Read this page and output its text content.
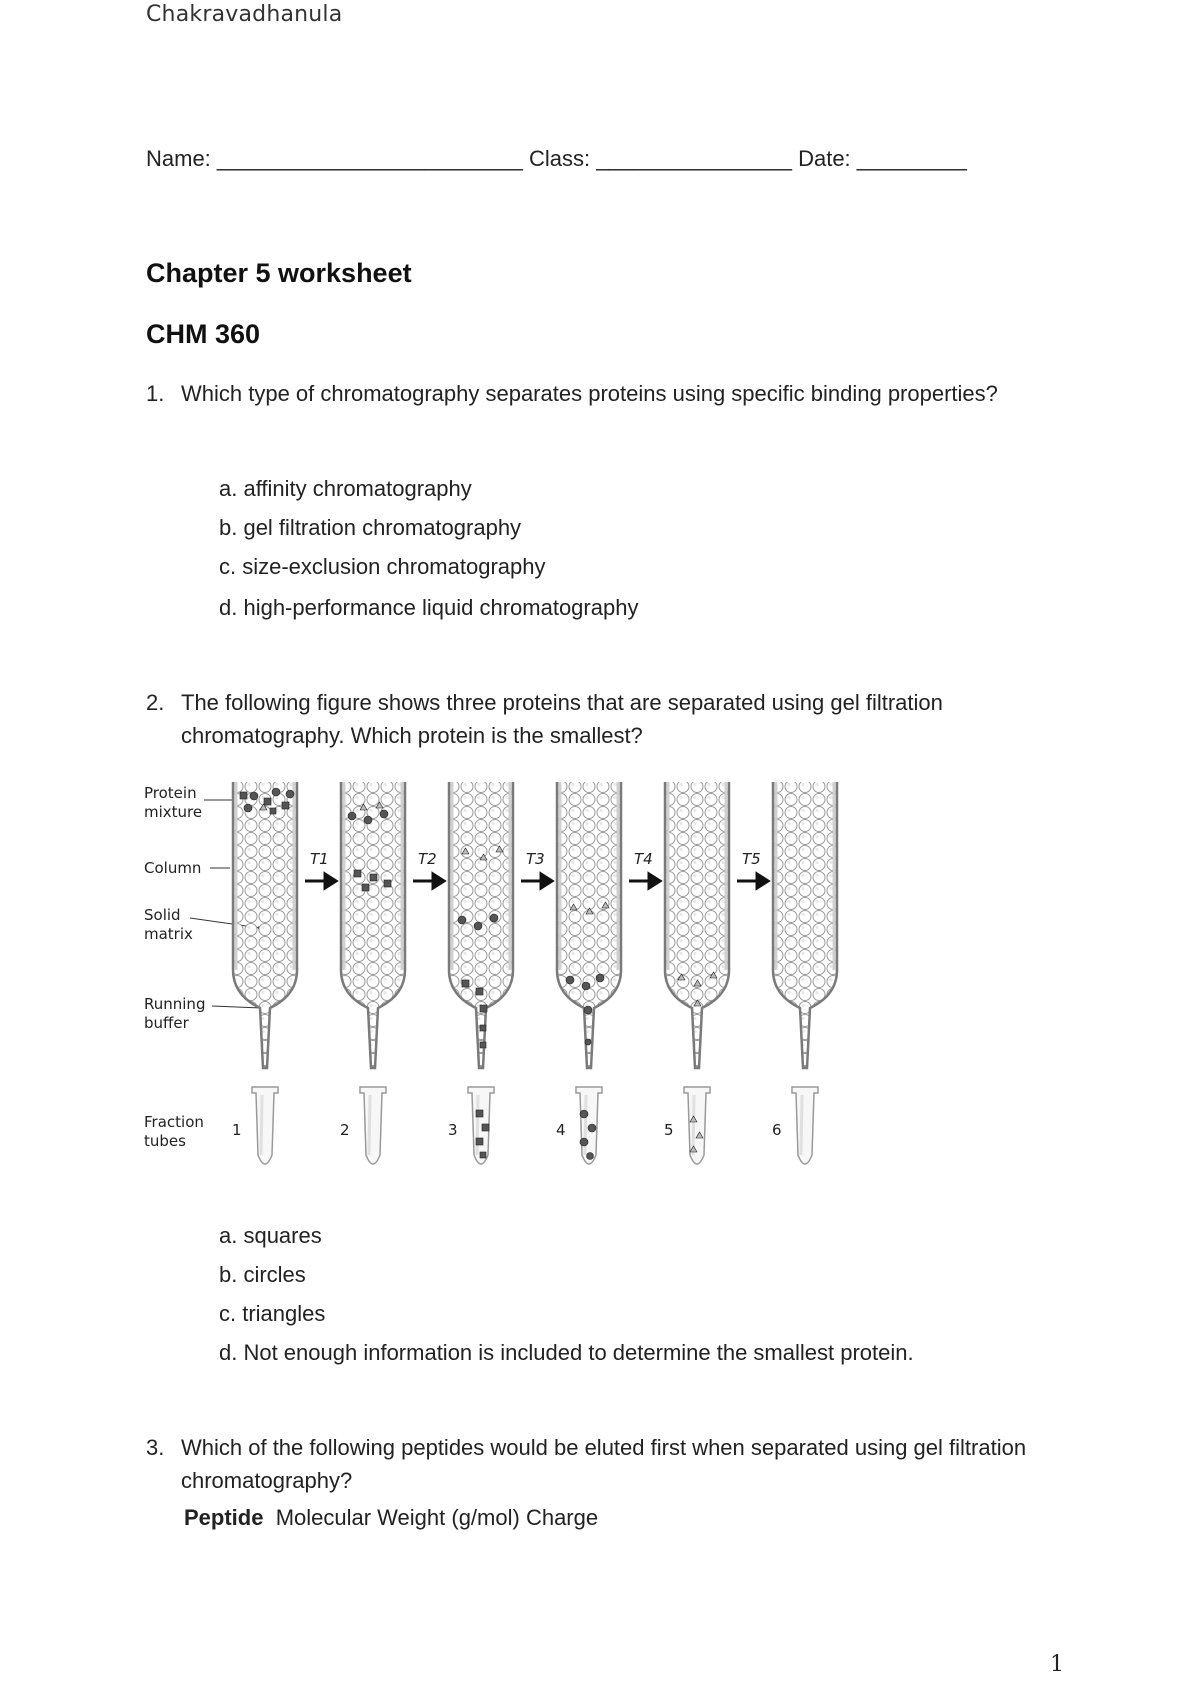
Chakravadhanula
Name: _________________________ Class: ________________ Date: _________
Chapter 5 worksheet
CHM 360
1. Which type of chromatography separates proteins using specific binding properties?
a. affinity chromatography
b. gel filtration chromatography
c. size-exclusion chromatography
d. high-performance liquid chromatography
2. The following figure shows three proteins that are separated using gel filtration chromatography. Which protein is the smallest?
Protein
mixture
Column
Solid
matrix
Running
buffer
Fraction
tubes
T1	T2	T3	T4	T5
1	2	3	4	5	6
a. squares
b. circles
c. triangles
d. Not enough information is included to determine the smallest protein.
3. Which of the following peptides would be eluted first when separated using gel filtration chromatography?
Peptide Molecular Weight (g/mol) Charge
1
